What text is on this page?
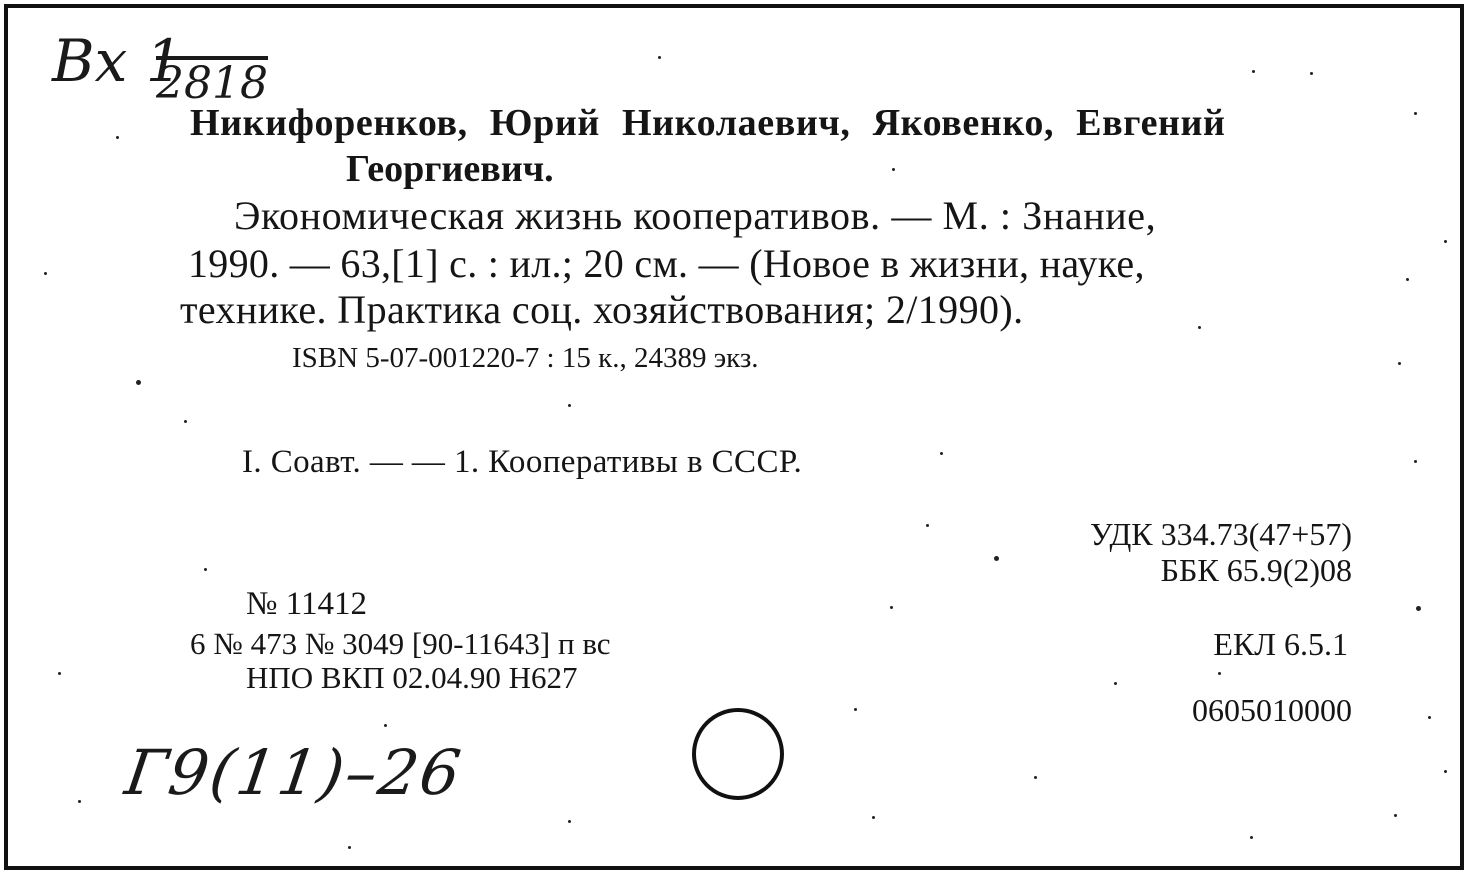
Вх 1
2818
Никифоренков, Юрий Николаевич, Яковенко, Евгений
Георгиевич.
Экономическая жизнь кооперативов. — М. : Знание,
1990. — 63,[1] с. : ил.; 20 см. — (Новое в жизни, науке,
технике. Практика соц. хозяйствования; 2/1990).
ISBN 5-07-001220-7 : 15 к., 24389 экз.
I. Соавт. — — 1. Кооперативы в СССР.
УДК 334.73(47+57)
ББК 65.9(2)08
ЕКЛ 6.5.1
0605010000
№ 11412
6 № 473 № 3049 [90-11643] п вс
НПО ВКП 02.04.90 Н627
Г9(11)–26
